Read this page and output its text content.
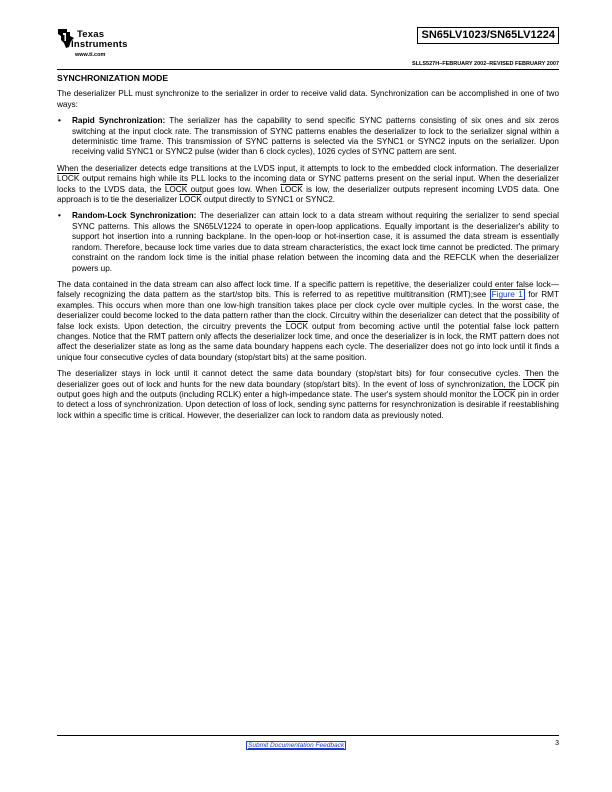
Texas
Instruments
www.ti.com
SN65LV1023/SN65LV1224
SLLS527H–FEBRUARY 2002–REVISED FEBRUARY 2007
SYNCHRONIZATION MODE

The deserializer PLL must synchronize to the serializer in order to receive valid data. Synchronization can be accomplished in one of two ways:

• Rapid Synchronization: The serializer has the capability to send specific SYNC patterns consisting of six ones and six zeros switching at the input clock rate. The transmission of SYNC patterns enables the deserializer to lock to the serializer signal within a deterministic time frame. This transmission of SYNC patterns is selected via the SYNC1 or SYNC2 inputs on the serializer. Upon receiving valid SYNC1 or SYNC2 pulse (wider than 6 clock cycles), 1026 cycles of SYNC pattern are sent.

When the deserializer detects edge transitions at the LVDS input, it attempts to lock to the embedded clock information. The deserializer LOCK output remains high while its PLL locks to the incoming data or SYNC patterns present on the serial input. When the deserializer locks to the LVDS data, the LOCK output goes low. When LOCK is low, the deserializer outputs represent incoming LVDS data. One approach is to tie the deserializer LOCK output directly to SYNC1 or SYNC2.

• Random-Lock Synchronization: The deserializer can attain lock to a data stream without requiring the serializer to send special SYNC patterns. This allows the SN65LV1224 to operate in open-loop applications. Equally important is the deserializer's ability to support hot insertion into a running backplane. In the open-loop or hot-insertion case, it is assumed the data stream is essentially random. Therefore, because lock time varies due to data stream characteristics, the exact lock time cannot be predicted. The primary constraint on the random lock time is the initial phase relation between the incoming data and the REFCLK when the deserializer powers up.

The data contained in the data stream can also affect lock time. If a specific pattern is repetitive, the deserializer could enter false lock—falsely recognizing the data pattern as the start/stop bits. This is referred to as repetitive multitransition (RMT);see Figure 1 for RMT examples. This occurs when more than one low-high transition takes place per clock cycle over multiple cycles. In the worst case, the deserializer could become locked to the data pattern rather than the clock. Circuitry within the deserializer can detect that the possibility of false lock exists. Upon detection, the circuitry prevents the LOCK output from becoming active until the potential false lock pattern changes. Notice that the RMT pattern only affects the deserializer lock time, and once the deserializer is in lock, the RMT pattern does not affect the deserializer state as long as the same data boundary happens each cycle. The deserializer does not go into lock until it finds a unique four consecutive cycles of data boundary (stop/start bits) at the same position.

The deserializer stays in lock until it cannot detect the same data boundary (stop/start bits) for four consecutive cycles. Then the deserializer goes out of lock and hunts for the new data boundary (stop/start bits). In the event of loss of synchronization, the LOCK pin output goes high and the outputs (including RCLK) enter a high-impedance state. The user's system should monitor the LOCK pin in order to detect a loss of synchronization. Upon detection of loss of lock, sending sync patterns for resynchronization is desirable if reestablishing lock within a specific time is critical. However, the deserializer can lock to random data as previously noted.

Submit Documentation Feedback	3
